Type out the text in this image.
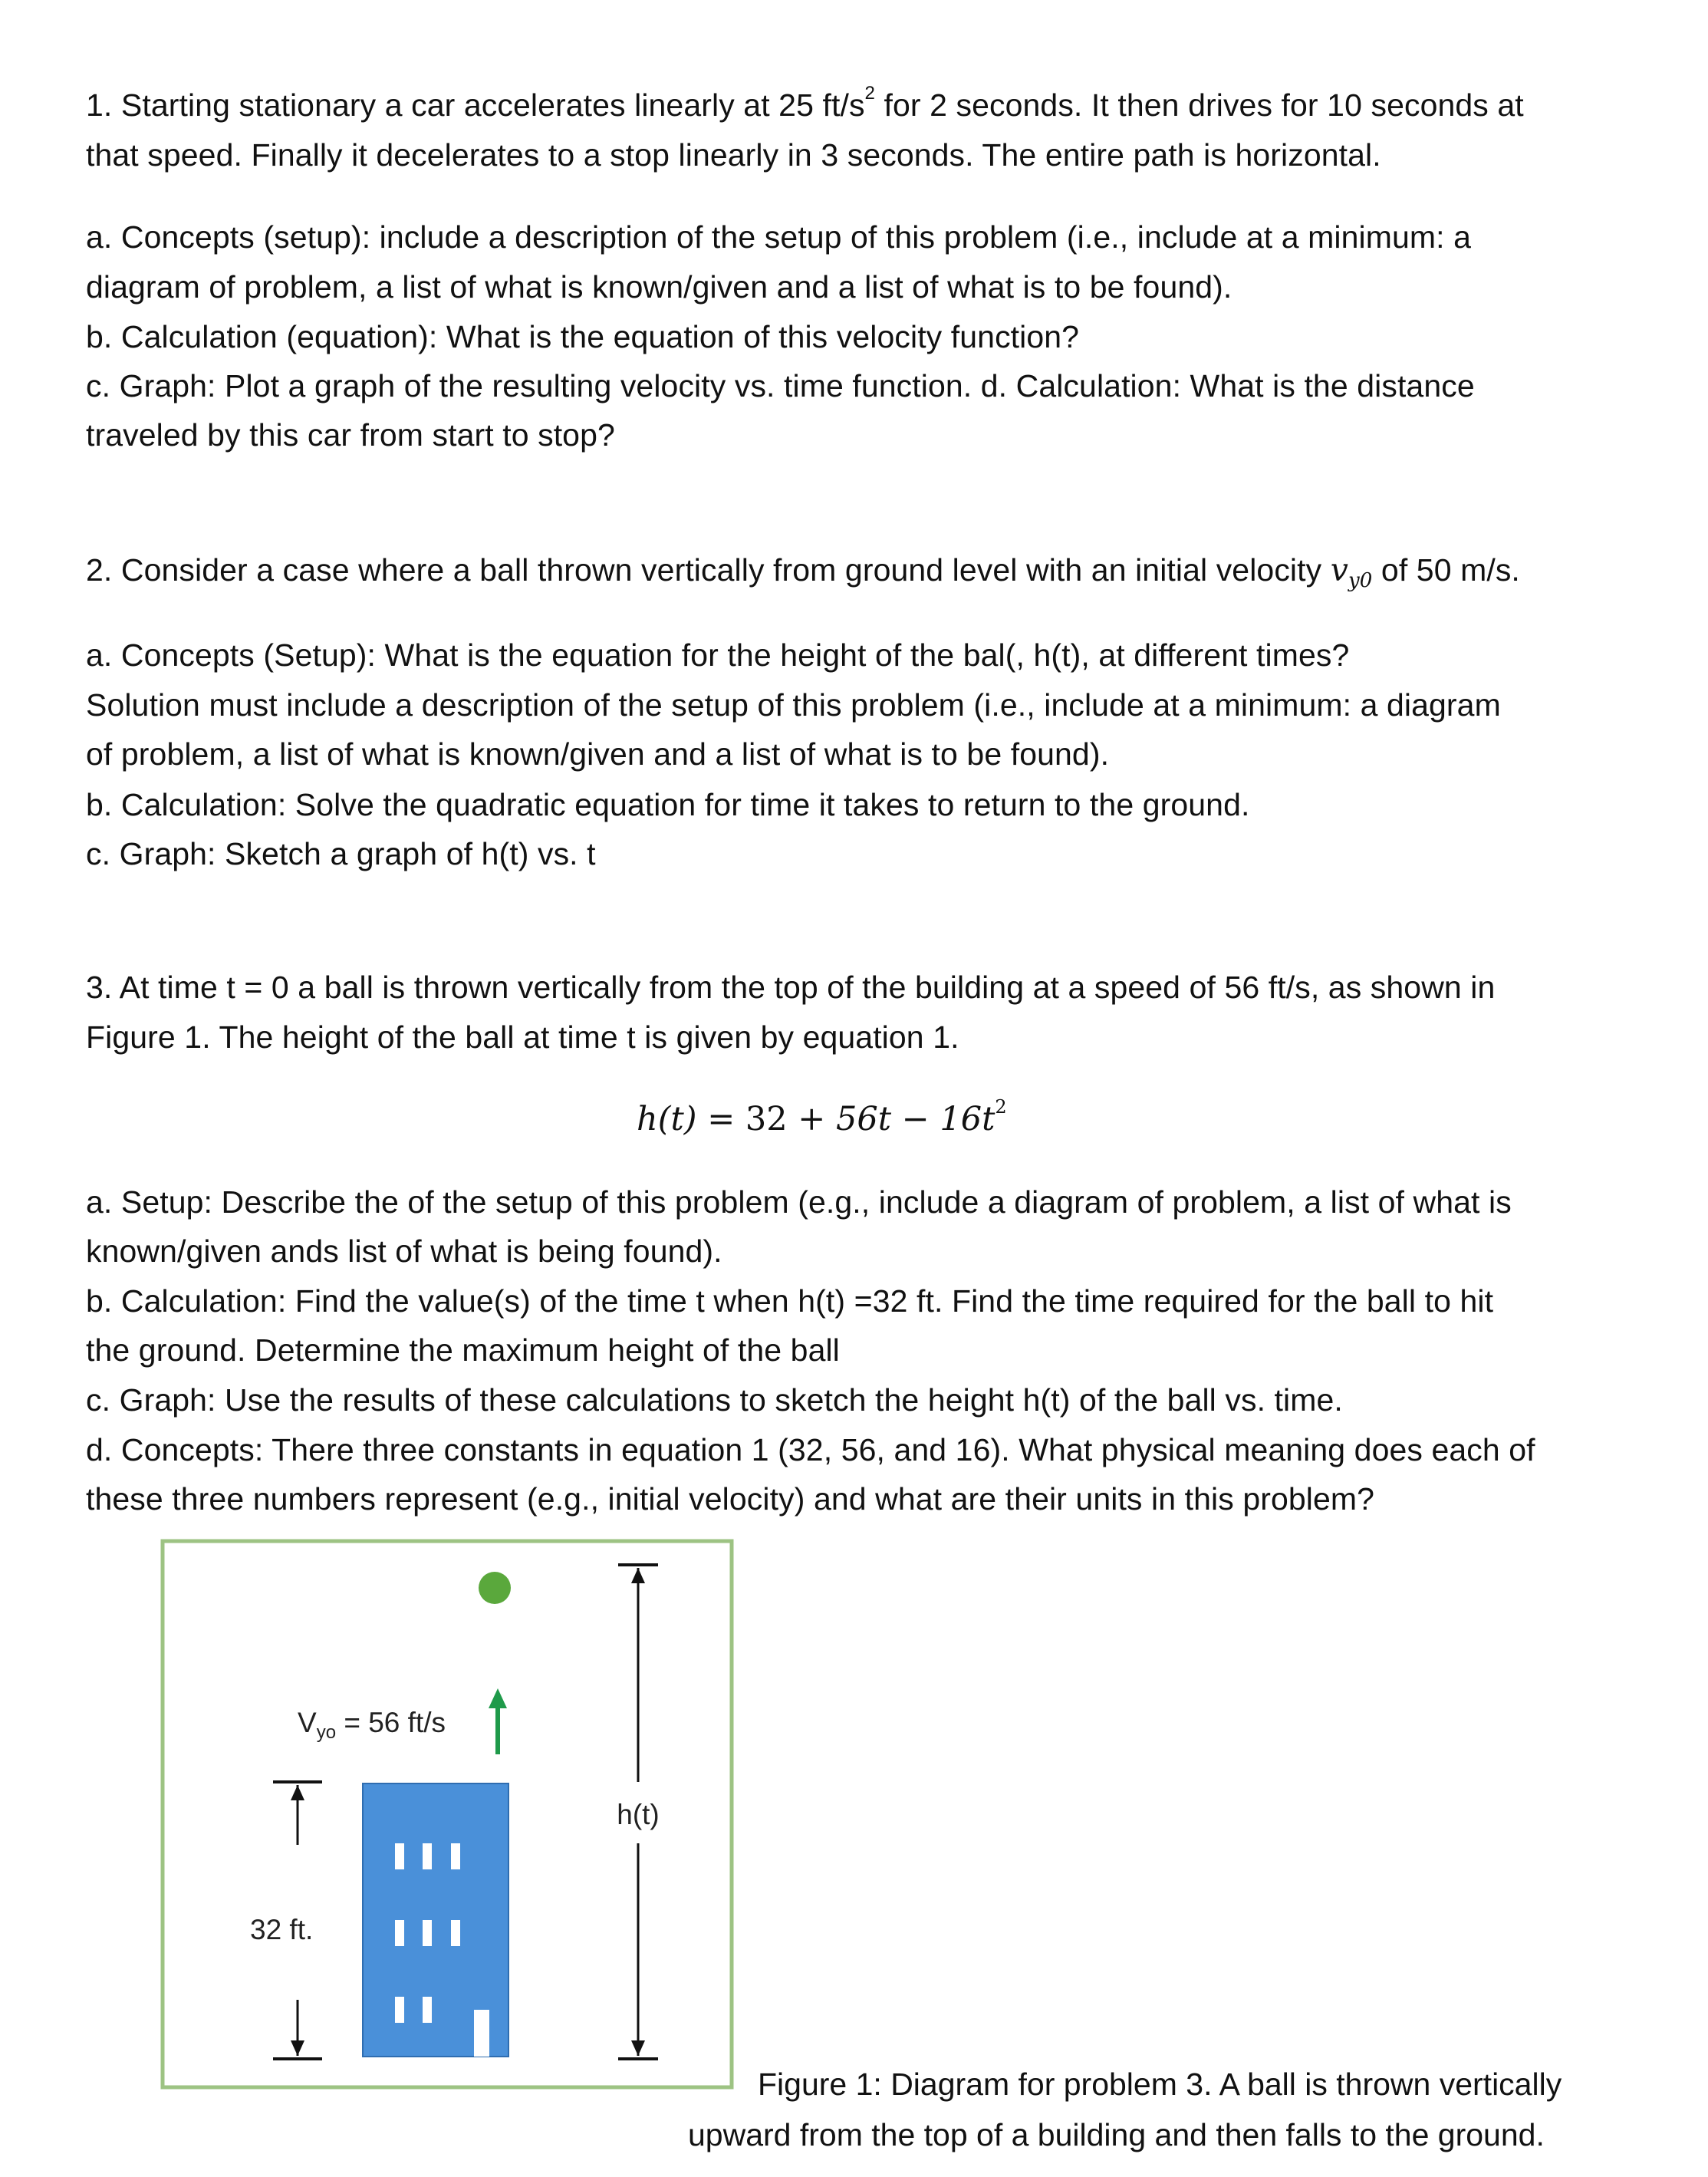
1. Starting stationary a car accelerates linearly at 25 $ft/s^2$ for 2 seconds. It then drives for 10 seconds at
that speed. Finally it decelerates to a stop linearly in 3 seconds. The entire path is horizontal.
a. Concepts (setup): include a description of the setup of this problem (i.e., include at a minimum: a
diagram of problem, a list of what is known/given and a list of what is to be found).
b. Calculation (equation): What is the equation of this velocity function?
c. Graph: Plot a graph of the resulting velocity vs. time function. d. Calculation: What is the distance
traveled by this car from start to stop?
2. Consider a case where a ball thrown vertically from ground level with an initial velocity $v_{y0}$ of 50 m/s.
a. Concepts (Setup): What is the equation for the height of the bal(, h(t), at different times?
Solution must include a description of the setup of this problem (i.e., include at a minimum: a diagram
of problem, a list of what is known/given and a list of what is to be found).
b. Calculation: Solve the quadratic equation for time it takes to return to the ground.
c. Graph: Sketch a graph of h(t) vs. t
3. At time t = 0 a ball is thrown vertically from the top of the building at a speed of 56 ft/s, as shown in
Figure 1. The height of the ball at time t is given by equation 1.
$h(t) = 32 + 56t - 16t^2$
a. Setup: Describe the of the setup of this problem (e.g., include a diagram of problem, a list of what is
known/given ands list of what is being found).
b. Calculation: Find the value(s) of the time t when h(t) =32 ft. Find the time required for the ball to hit
the ground. Determine the maximum height of the ball
c. Graph: Use the results of these calculations to sketch the height h(t) of the ball vs. time.
d. Concepts: There three constants in equation 1 (32, 56, and 16). What physical meaning does each of
these three numbers represent (e.g., initial velocity) and what are their units in this problem?
$V_{yo} = 56$ ft/s
32 ft.
h(t)
Figure 1: Diagram for problem 3. A ball is thrown vertically
upward from the top of a building and then falls to the ground.
